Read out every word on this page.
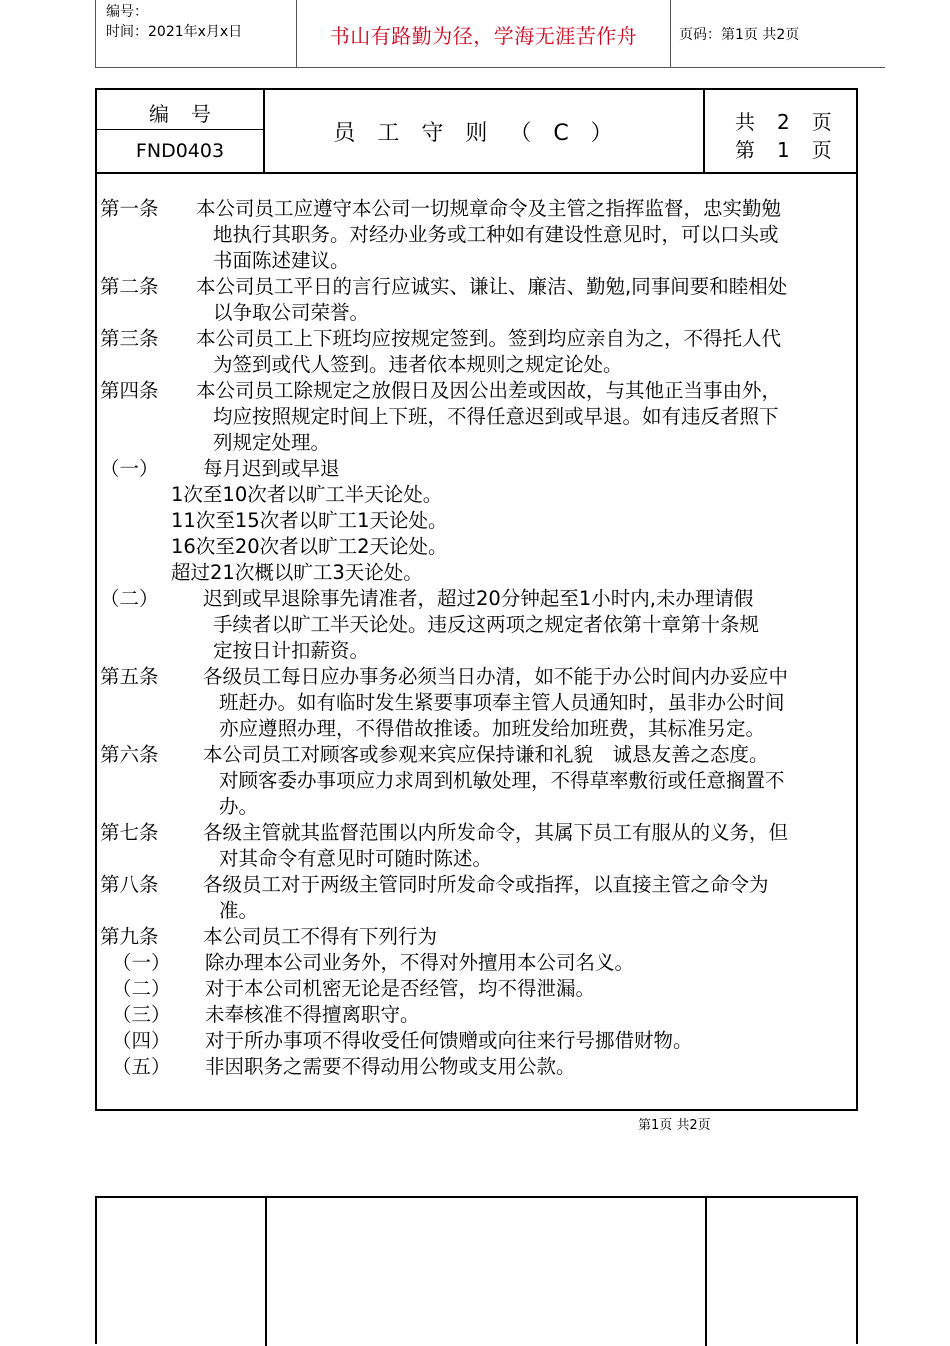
编号：
时间：2021年x月x日	书山有路勤为径，学海无涯苦作舟	页码：第1页 共2页
编号
FND0403
员工守则（C）	共2页
第1页
第一条	本公司员工应遵守本公司一切规章命令及主管之指挥监督，忠实勤勉
地执行其职务。对经办业务或工种如有建设性意见时，可以口头或
书面陈述建议。
第二条	本公司员工平日的言行应诚实、谦让、廉洁、勤勉,同事间要和睦相处
以争取公司荣誉。
第三条	本公司员工上下班均应按规定签到。签到均应亲自为之，不得托人代
为签到或代人签到。违者依本规则之规定论处。
第四条	本公司员工除规定之放假日及因公出差或因故，与其他正当事由外，
均应按照规定时间上下班，不得任意迟到或早退。如有违反者照下
列规定处理。
（一）	每月迟到或早退
1次至10次者以旷工半天论处。
11次至15次者以旷工1天论处。
16次至20次者以旷工2天论处。
超过21次概以旷工3天论处。
（二）	迟到或早退除事先请准者，超过20分钟起至1小时内,未办理请假
手续者以旷工半天论处。违反这两项之规定者依第十章第十条规
定按日计扣薪资。
第五条	各级员工每日应办事务必须当日办清，如不能于办公时间内办妥应中
班赶办。如有临时发生紧要事项奉主管人员通知时，虽非办公时间
亦应遵照办理，不得借故推诿。加班发给加班费，其标准另定。
第六条	本公司员工对顾客或参观来宾应保持谦和礼貌　诚恳友善之态度。
对顾客委办事项应力求周到机敏处理，不得草率敷衍或任意搁置不
办。
第七条	各级主管就其监督范围以内所发命令，其属下员工有服从的义务，但
对其命令有意见时可随时陈述。
第八条	各级员工对于两级主管同时所发命令或指挥，以直接主管之命令为
准。
第九条	本公司员工不得有下列行为
（一）	除办理本公司业务外，不得对外擅用本公司名义。
（二）	对于本公司机密无论是否经管，均不得泄漏。
（三）	未奉核准不得擅离职守。
（四）	对于所办事项不得收受任何馈赠或向往来行号挪借财物。
（五）	非因职务之需要不得动用公物或支用公款。
第1页 共2页
